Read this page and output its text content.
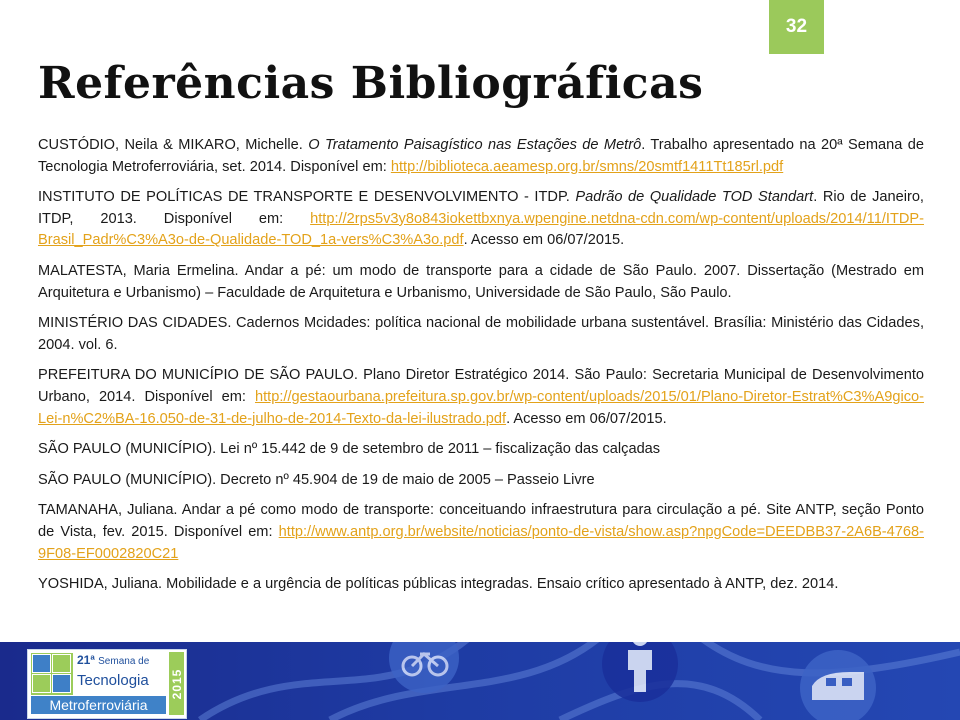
32
Referências Bibliográficas

CUSTÓDIO, Neila & MIKARO, Michelle. O Tratamento Paisagístico nas Estações de Metrô. Trabalho apresentado na 20ª Semana de Tecnologia Metroferroviária, set. 2014. Disponível em: http://biblioteca.aeamesp.org.br/smns/20smtf1411Tt185rl.pdf

INSTITUTO DE POLÍTICAS DE TRANSPORTE E DESENVOLVIMENTO - ITDP. Padrão de Qualidade TOD Standart. Rio de Janeiro, ITDP, 2013. Disponível em: http://2rps5v3y8o843iokettbxnya.wpengine.netdna-cdn.com/wp-content/uploads/2014/11/ITDP-Brasil_Padr%C3%A3o-de-Qualidade-TOD_1a-vers%C3%A3o.pdf. Acesso em 06/07/2015.

MALATESTA, Maria Ermelina. Andar a pé: um modo de transporte para a cidade de São Paulo. 2007. Dissertação (Mestrado em Arquitetura e Urbanismo) – Faculdade de Arquitetura e Urbanismo, Universidade de São Paulo, São Paulo.

MINISTÉRIO DAS CIDADES. Cadernos Mcidades: política nacional de mobilidade urbana sustentável. Brasília: Ministério das Cidades, 2004. vol. 6.

PREFEITURA DO MUNICÍPIO DE SÃO PAULO. Plano Diretor Estratégico 2014. São Paulo: Secretaria Municipal de Desenvolvimento Urbano, 2014. Disponível em: http://gestaourbana.prefeitura.sp.gov.br/wp-content/uploads/2015/01/Plano-Diretor-Estrat%C3%A9gico-Lei-n%C2%BA-16.050-de-31-de-julho-de-2014-Texto-da-lei-ilustrado.pdf. Acesso em 06/07/2015.

SÃO PAULO (MUNICÍPIO). Lei nº 15.442 de 9 de setembro de 2011 – fiscalização das calçadas

SÃO PAULO (MUNICÍPIO). Decreto nº 45.904 de 19 de maio de 2005 – Passeio Livre

TAMANAHA, Juliana. Andar a pé como modo de transporte: conceituando infraestrutura para circulação a pé. Site ANTP, seção Ponto de Vista, fev. 2015. Disponível em: http://www.antp.org.br/website/noticias/ponto-de-vista/show.asp?npgCode=DEEDBB37-2A6B-4768-9F08-EF0002820C21

YOSHIDA, Juliana. Mobilidade e a urgência de políticas públicas integradas. Ensaio crítico apresentado à ANTP, dez. 2014.

21ª Semana de
Tecnologia
Metroferroviária
2015
